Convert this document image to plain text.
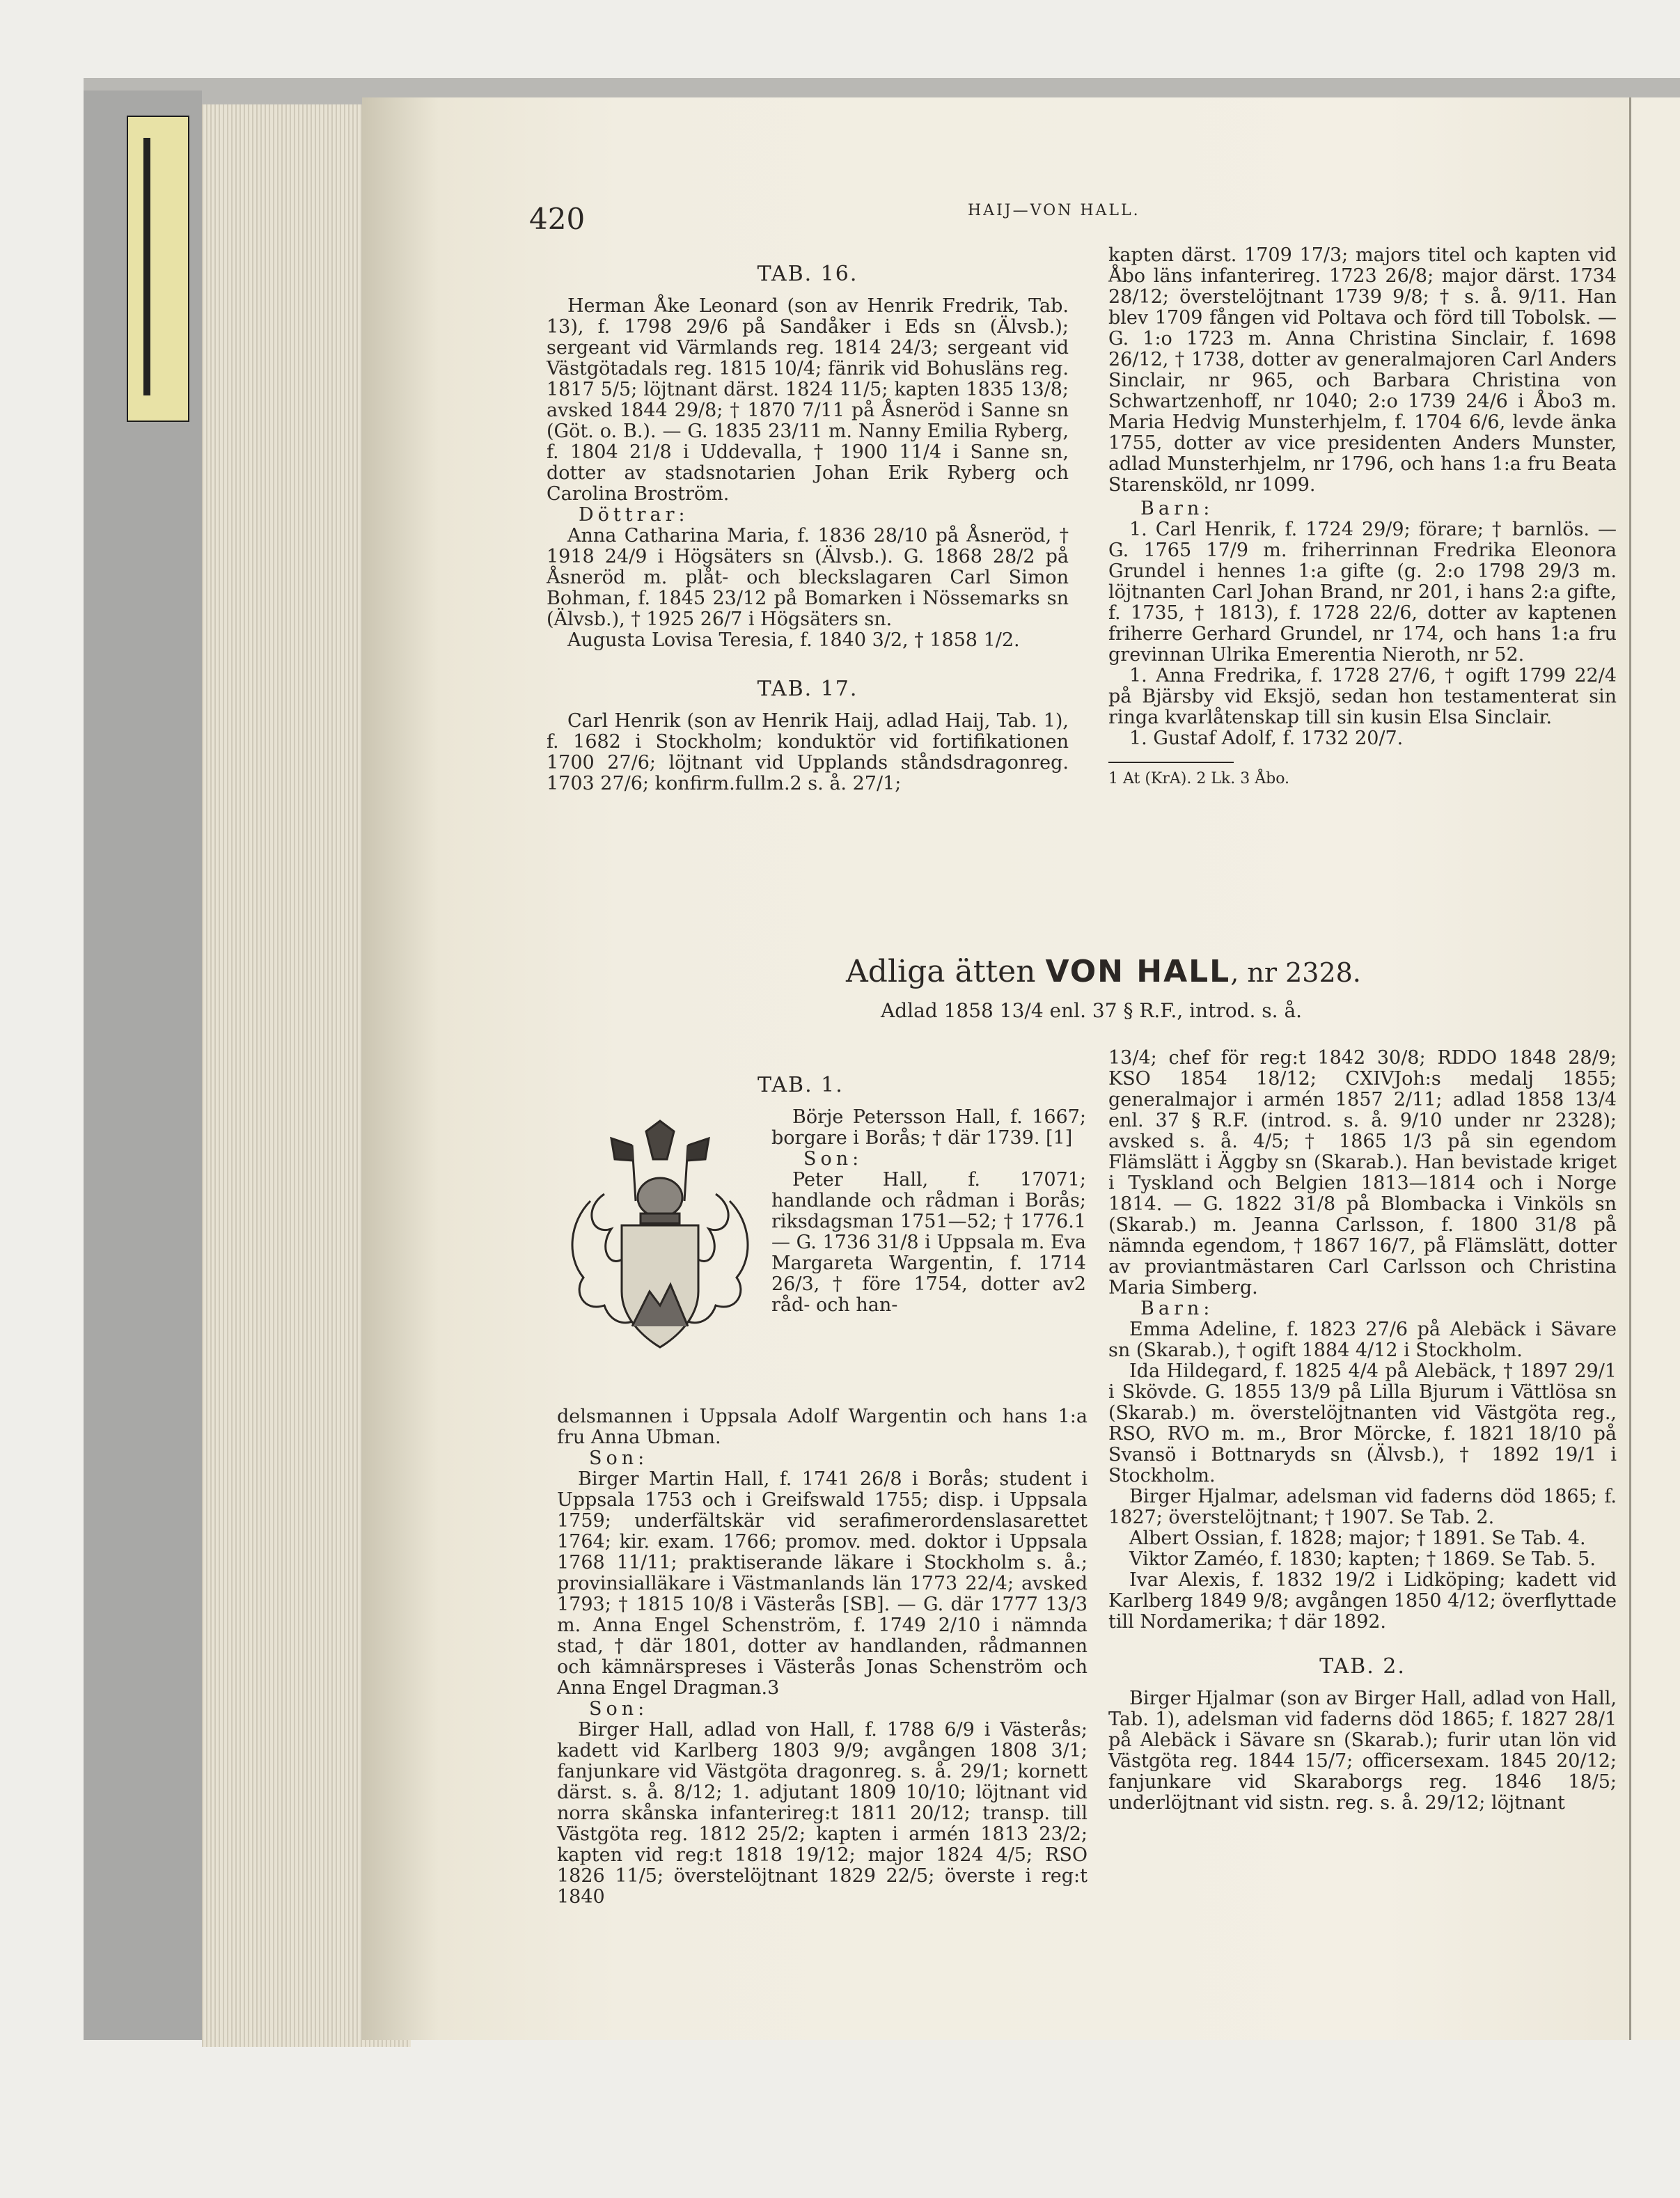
420	HAIJ—VON HALL.

TAB. 16.

Herman Åke Leonard (son av Henrik Fredrik, Tab. 13), f. 1798 29/6 på Sandåker i Eds sn (Älvsb.); sergeant vid Värmlands reg. 1814 24/3; sergeant vid Västgötadals reg. 1815 10/4; fänrik vid Bohusläns reg. 1817 5/5; löjtnant därst. 1824 11/5; kapten 1835 13/8; avsked 1844 29/8; † 1870 7/11 på Åsneröd i Sanne sn (Göt. o. B.). — G. 1835 23/11 m. Nanny Emilia Ryberg, f. 1804 21/8 i Uddevalla, † 1900 11/4 i Sanne sn, dotter av stadsnotarien Johan Erik Ryberg och Carolina Broström.

Döttrar:

Anna Catharina Maria, f. 1836 28/10 på Åsneröd, † 1918 24/9 i Högsäters sn (Älvsb.). G. 1868 28/2 på Åsneröd m. plåt- och bleckslagaren Carl Simon Bohman, f. 1845 23/12 på Bomarken i Nössemarks sn (Älvsb.), † 1925 26/7 i Högsäters sn.

Augusta Lovisa Teresia, f. 1840 3/2, † 1858 1/2.

TAB. 17.

Carl Henrik (son av Henrik Haij, adlad Haij, Tab. 1), f. 1682 i Stockholm; konduktör vid fortifikationen 1700 27/6; löjtnant vid Upplands ståndsdragonreg. 1703 27/6; konfirm.fullm.2 s. å. 27/1;

kapten därst. 1709 17/3; majors titel och kapten vid Åbo läns infanterireg. 1723 26/8; major därst. 1734 28/12; överstelöjtnant 1739 9/8; † s. å. 9/11. Han blev 1709 fången vid Poltava och förd till Tobolsk. — G. 1:o 1723 m. Anna Christina Sinclair, f. 1698 26/12, † 1738, dotter av generalmajoren Carl Anders Sinclair, nr 965, och Barbara Christina von Schwartzenhoff, nr 1040; 2:o 1739 24/6 i Åbo3 m. Maria Hedvig Munsterhjelm, f. 1704 6/6, levde änka 1755, dotter av vice presidenten Anders Munster, adlad Munsterhjelm, nr 1796, och hans 1:a fru Beata Starensköld, nr 1099.

Barn:

1. Carl Henrik, f. 1724 29/9; förare; † barnlös. — G. 1765 17/9 m. friherrinnan Fredrika Eleonora Grundel i hennes 1:a gifte (g. 2:o 1798 29/3 m. löjtnanten Carl Johan Brand, nr 201, i hans 2:a gifte, f. 1735, † 1813), f. 1728 22/6, dotter av kaptenen friherre Gerhard Grundel, nr 174, och hans 1:a fru grevinnan Ulrika Emerentia Nieroth, nr 52.

1. Anna Fredrika, f. 1728 27/6, † ogift 1799 22/4 på Bjärsby vid Eksjö, sedan hon testamenterat sin ringa kvarlåtenskap till sin kusin Elsa Sinclair.

1. Gustaf Adolf, f. 1732 20/7.

1 At (KrA). 2 Lk. 3 Åbo.

Adliga ätten VON HALL, nr 2328.
Adlad 1858 13/4 enl. 37 § R.F., introd. s. å.

TAB. 1.

Börje Petersson Hall, f. 1667; borgare i Borås; † där 1739. [1]

Son:

Peter Hall, f. 17071; handlande och rådman i Borås; riksdagsman 1751—52; † 1776.1 — G. 1736 31/8 i Uppsala m. Eva Margareta Wargentin, f. 1714 26/3, † före 1754, dotter av2 råd- och han-

delsmannen i Uppsala Adolf Wargentin och hans 1:a fru Anna Ubman.

Son:

Birger Martin Hall, f. 1741 26/8 i Borås; student i Uppsala 1753 och i Greifswald 1755; disp. i Uppsala 1759; underfältskär vid serafimerordenslasarettet 1764; kir. exam. 1766; promov. med. doktor i Uppsala 1768 11/11; praktiserande läkare i Stockholm s. å.; provinsialläkare i Västmanlands län 1773 22/4; avsked 1793; † 1815 10/8 i Västerås [SB]. — G. där 1777 13/3 m. Anna Engel Schenström, f. 1749 2/10 i nämnda stad, † där 1801, dotter av handlanden, rådmannen och kämnärspreses i Västerås Jonas Schenström och Anna Engel Dragman.3

Son:

Birger Hall, adlad von Hall, f. 1788 6/9 i Västerås; kadett vid Karlberg 1803 9/9; avgången 1808 3/1; fanjunkare vid Västgöta dragonreg. s. å. 29/1; kornett därst. s. å. 8/12; 1. adjutant 1809 10/10; löjtnant vid norra skånska infanterireg:t 1811 20/12; transp. till Västgöta reg. 1812 25/2; kapten i armén 1813 23/2; kapten vid reg:t 1818 19/12; major 1824 4/5; RSO 1826 11/5; överstelöjtnant 1829 22/5; överste i reg:t 1840

13/4; chef för reg:t 1842 30/8; RDDO 1848 28/9; KSO 1854 18/12; CXIVJoh:s medalj 1855; generalmajor i armén 1857 2/11; adlad 1858 13/4 enl. 37 § R.F. (introd. s. å. 9/10 under nr 2328); avsked s. å. 4/5; † 1865 1/3 på sin egendom Flämslätt i Äggby sn (Skarab.). Han bevistade kriget i Tyskland och Belgien 1813—1814 och i Norge 1814. — G. 1822 31/8 på Blombacka i Vinköls sn (Skarab.) m. Jeanna Carlsson, f. 1800 31/8 på nämnda egendom, † 1867 16/7, på Flämslätt, dotter av proviantmästaren Carl Carlsson och Christina Maria Simberg.

Barn:

Emma Adeline, f. 1823 27/6 på Alebäck i Sävare sn (Skarab.), † ogift 1884 4/12 i Stockholm.

Ida Hildegard, f. 1825 4/4 på Alebäck, † 1897 29/1 i Skövde. G. 1855 13/9 på Lilla Bjurum i Vättlösa sn (Skarab.) m. överstelöjtnanten vid Västgöta reg., RSO, RVO m. m., Bror Mörcke, f. 1821 18/10 på Svansö i Bottnaryds sn (Älvsb.), † 1892 19/1 i Stockholm.

Birger Hjalmar, adelsman vid faderns död 1865; f. 1827; överstelöjtnant; † 1907. Se Tab. 2.

Albert Ossian, f. 1828; major; † 1891. Se Tab. 4.

Viktor Zaméo, f. 1830; kapten; † 1869. Se Tab. 5.

Ivar Alexis, f. 1832 19/2 i Lidköping; kadett vid Karlberg 1849 9/8; avgången 1850 4/12; överflyttade till Nordamerika; † där 1892.

TAB. 2.

Birger Hjalmar (son av Birger Hall, adlad von Hall, Tab. 1), adelsman vid faderns död 1865; f. 1827 28/1 på Alebäck i Sävare sn (Skarab.); furir utan lön vid Västgöta reg. 1844 15/7; officersexam. 1845 20/12; fanjunkare vid Skaraborgs reg. 1846 18/5; underlöjtnant vid sistn. reg. s. å. 29/12; löjtnant
